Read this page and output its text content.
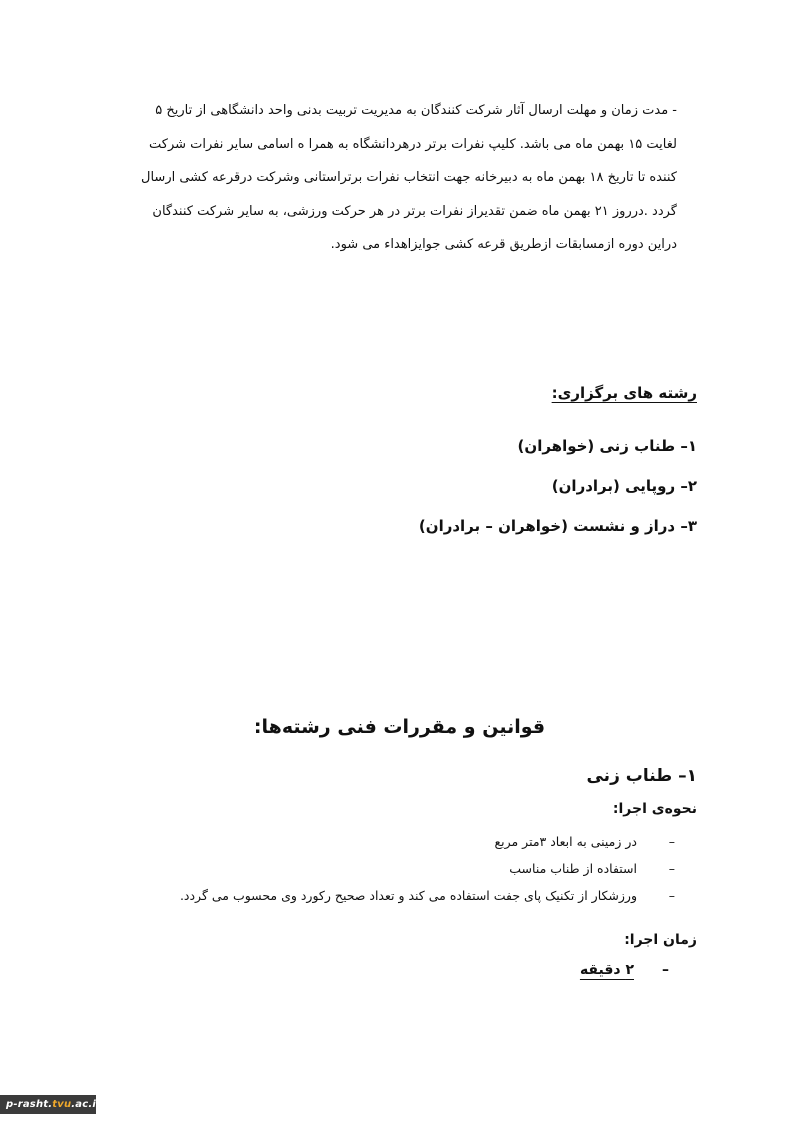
- مدت زمان و مهلت ارسال آثار شرکت کنندگان به مدیریت تربیت بدنی واحد دانشگاهی از تاریخ ۵

لغایت ۱۵ بهمن ماه می باشد. کلیپ نفرات برتر درهردانشگاه به همرا ه اسامی سایر نفرات شرکت

کننده تا تاریخ ۱۸ بهمن ماه به دبیرخانه جهت انتخاب نفرات برتراستانی وشرکت درقرعه کشی ارسال

گردد .درروز ۲۱ بهمن ماه ضمن تقدیراز نفرات برتر در هر حرکت ورزشی، به سایر شرکت کنندگان

دراین دوره ازمسابقات ازطریق قرعه کشی جوایزاهداء می شود.

رشته های برگزاری:
۱– طناب زنی (خواهران)
۲– روپایی (برادران)
۳– دراز و نشست (خواهران – برادران)
قوانین و مقررات فنی رشته‌ها:
۱– طناب زنی
نحوه‌ی اجرا:
–در زمینی به ابعاد ۳متر مربع
–استفاده از طناب مناسب
–ورزشکار از تکنیک پای جفت استفاده می کند و تعداد صحیح رکورد وی محسوب می گردد.
زمان اجرا:
–۲ دقیقه
p-rasht.tvu.ac.ir
